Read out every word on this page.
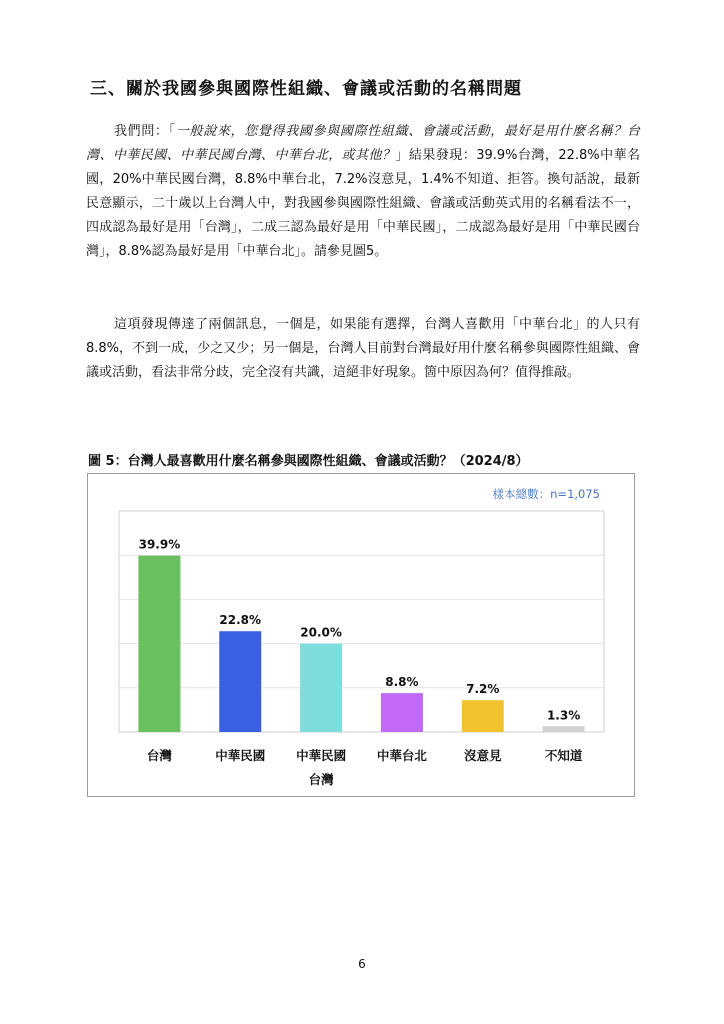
三、關於我國參與國際性組織、會議或活動的名稱問題

我們問：「一般說來，您覺得我國參與國際性組織、會議或活動，最好是用什麼名稱？台灣、中華民國、中華民國台灣、中華台北，或其他？」結果發現：39.9%台灣，22.8%中華名國，20%中華民國台灣，8.8%中華台北，7.2%沒意見，1.4%不知道、拒答。換句話說，最新民意顯示，二十歲以上台灣人中，對我國參與國際性組織、會議或活動英式用的名稱看法不一，四成認為最好是用「台灣」，二成三認為最好是用「中華民國」，二成認為最好是用「中華民國台灣」，8.8%認為最好是用「中華台北」。請參見圖5。

這項發現傳達了兩個訊息，一個是，如果能有選擇，台灣人喜歡用「中華台北」的人只有 8.8%，不到一成，少之又少；另一個是，台灣人目前對台灣最好用什麼名稱參與國際性組織、會議或活動，看法非常分歧，完全沒有共識，這絕非好現象。箇中原因為何？值得推敲。

圖 5：台灣人最喜歡用什麼名稱參與國際性組織、會議或活動？（2024/8）

樣本總數：n=1,075
39.9%
台灣
22.8%
中華民國
20.0%
中華民國
台灣
8.8%
中華台北
7.2%
沒意見
1.3%
不知道
6
